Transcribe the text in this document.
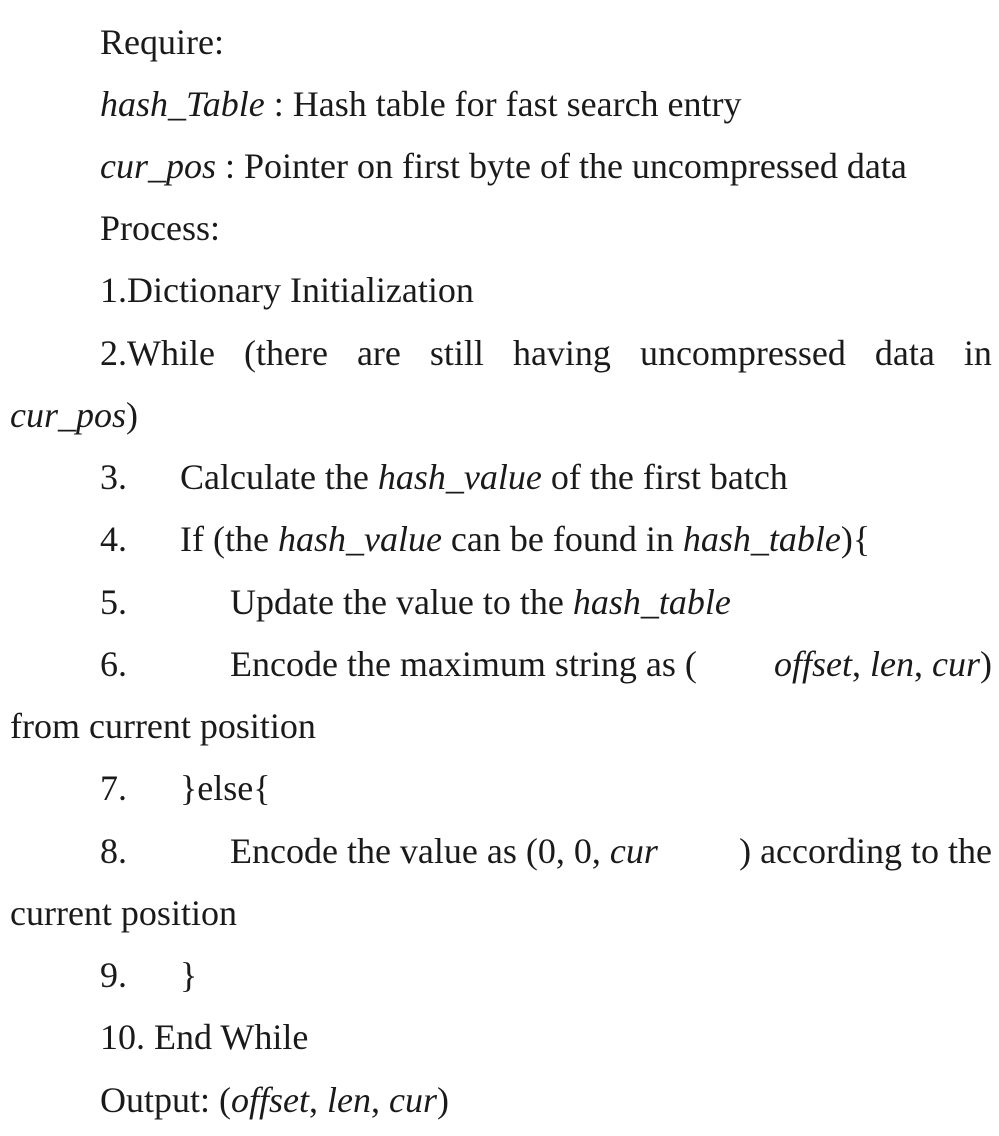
Require:
hash_Table : Hash table for fast search entry
cur_pos : Pointer on first byte of the uncompressed data
Process:
1.Dictionary Initialization
2.While (there are still having uncompressed data in
cur_pos)
3. Calculate the hash_value of the first batch
4. If (the hash_value can be found in hash_table){
5.	Update the value to the hash_table
6.	Encode the maximum string as ( offset, len, cur)
from current position
7. }else{
8.	Encode the value as (0, 0, cur ) according to the
current position
9. }
10. End While
Output: (offset, len, cur)
